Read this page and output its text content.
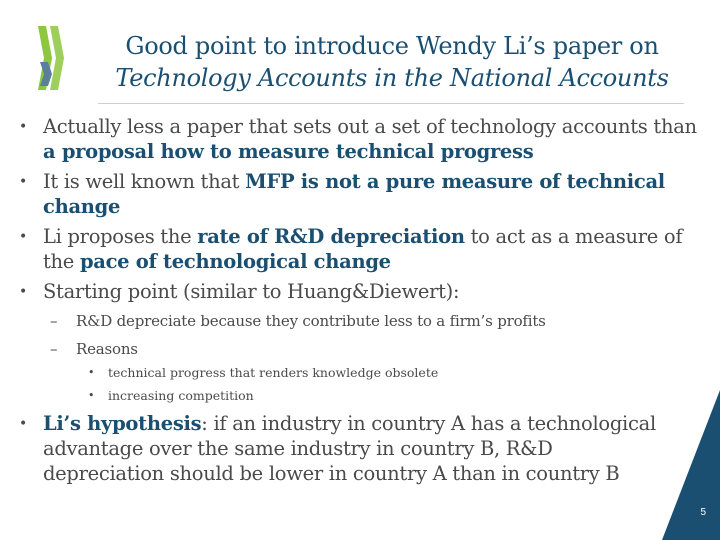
Good point to introduce Wendy Li’s paper on
Technology Accounts in the National Accounts
• Actually less a paper that sets out a set of technology accounts than a proposal how to measure technical progress
• It is well known that MFP is not a pure measure of technical change
• Li proposes the rate of R&D depreciation to act as a measure of the pace of technological change
• Starting point (similar to Huang&Diewert):
– R&D depreciate because they contribute less to a firm’s profits
– Reasons
• technical progress that renders knowledge obsolete
• increasing competition
• Li’s hypothesis: if an industry in country A has a technological advantage over the same industry in country B, R&D depreciation should be lower in country A than in country B
5
